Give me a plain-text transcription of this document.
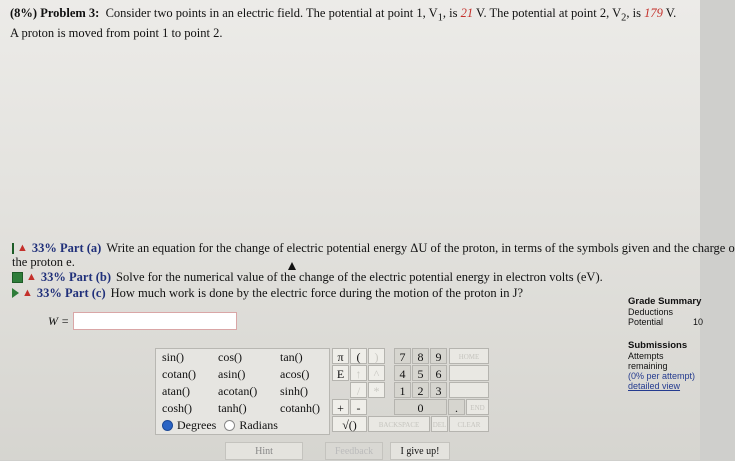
(8%) Problem 3: Consider two points in an electric field. The potential at point 1, $V_1$, is 21 V. The potential at point 2, $V_2$, is 179 V.
A proton is moved from point 1 to point 2.
▲ 33%
Part (a) Write an equation for the change of electric potential energy ΔU of the proton, in terms of the symbols given and the charge o
the proton e.
▲ 33%
Part (b) Solve for the numerical value of the change of the electric potential energy in electron volts (eV).
▲ 33%
Part (c) How much work is done by the electric force during the motion of the proton in J?
W =
Grade Summary
Deductions
Potential	10
Submissions
Attempts remaining
(0% per attempt)
detailed view
sin()	cos()	tan()
cotan()	asin()	acos()
atan()	acotan()	sinh()
cosh()	tanh()	cotanh()
Degrees Radians
π	(	)
E ↑	^
/	*
+	-
√()
7	8	9
4	5	6
1	2	3
0	.
BACKSPACE	DEL
HOME
END
CLEAR
Hint	Feedback	I give up!
